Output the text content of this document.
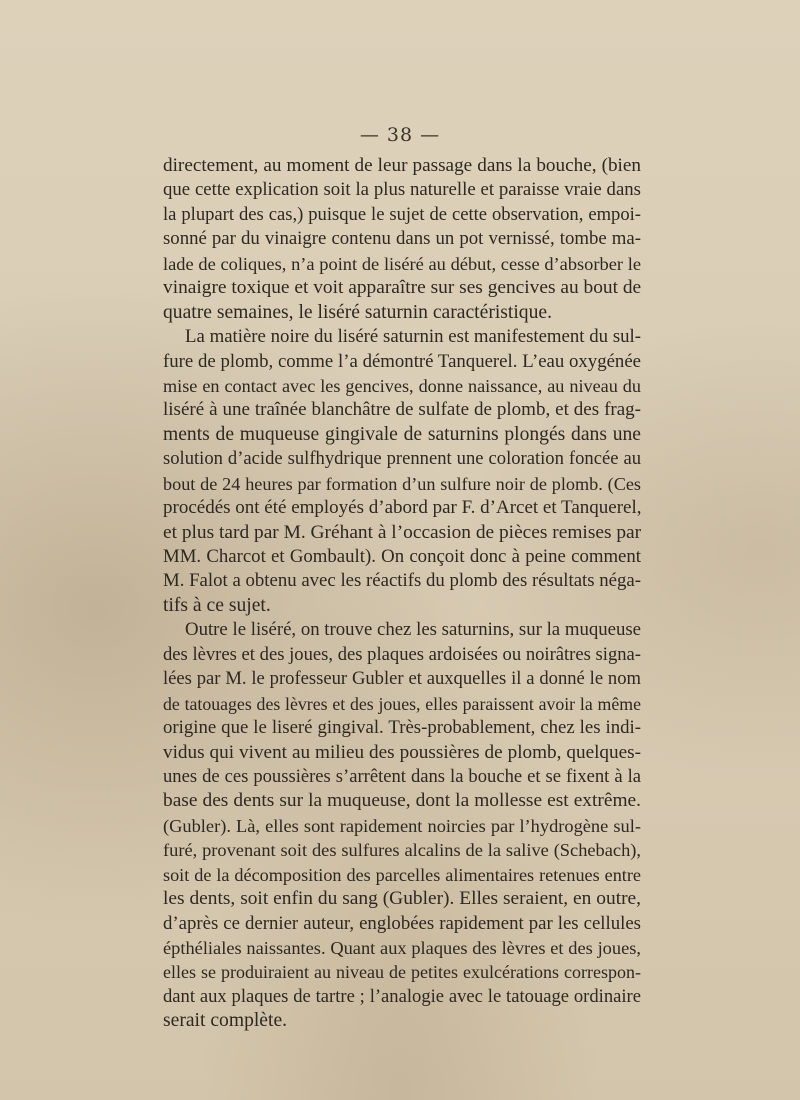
— 38 —
directement, au moment de leur passage dans la bouche, (bien
que cette explication soit la plus naturelle et paraisse vraie dans
la plupart des cas,) puisque le sujet de cette observation, empoi-
sonné par du vinaigre contenu dans un pot vernissé, tombe ma-
lade de coliques, n’a point de liséré au début, cesse d’absorber le
vinaigre toxique et voit apparaître sur ses gencives au bout de
quatre semaines, le liséré saturnin caractéristique.
La matière noire du liséré saturnin est manifestement du sul-
fure de plomb, comme l’a démontré Tanquerel. L’eau oxygénée
mise en contact avec les gencives, donne naissance, au niveau du
liséré à une traînée blanchâtre de sulfate de plomb, et des frag-
ments de muqueuse gingivale de saturnins plongés dans une
solution d’acide sulfhydrique prennent une coloration foncée au
bout de 24 heures par formation d’un sulfure noir de plomb. (Ces
procédés ont été employés d’abord par F. d’Arcet et Tanquerel,
et plus tard par M. Gréhant à l’occasion de pièces remises par
MM. Charcot et Gombault). On conçoit donc à peine comment
M. Falot a obtenu avec les réactifs du plomb des résultats néga-
tifs à ce sujet.
Outre le liséré, on trouve chez les saturnins, sur la muqueuse
des lèvres et des joues, des plaques ardoisées ou noirâtres signa-
lées par M. le professeur Gubler et auxquelles il a donné le nom
de tatouages des lèvres et des joues, elles paraissent avoir la même
origine que le liseré gingival. Très-probablement, chez les indi-
vidus qui vivent au milieu des poussières de plomb, quelques-
unes de ces poussières s’arrêtent dans la bouche et se fixent à la
base des dents sur la muqueuse, dont la mollesse est extrême.
(Gubler). Là, elles sont rapidement noircies par l’hydrogène sul-
furé, provenant soit des sulfures alcalins de la salive (Schebach),
soit de la décomposition des parcelles alimentaires retenues entre
les dents, soit enfin du sang (Gubler). Elles seraient, en outre,
d’après ce dernier auteur, englobées rapidement par les cellules
épthéliales naissantes. Quant aux plaques des lèvres et des joues,
elles se produiraient au niveau de petites exulcérations correspon-
dant aux plaques de tartre ; l’analogie avec le tatouage ordinaire
serait complète.
